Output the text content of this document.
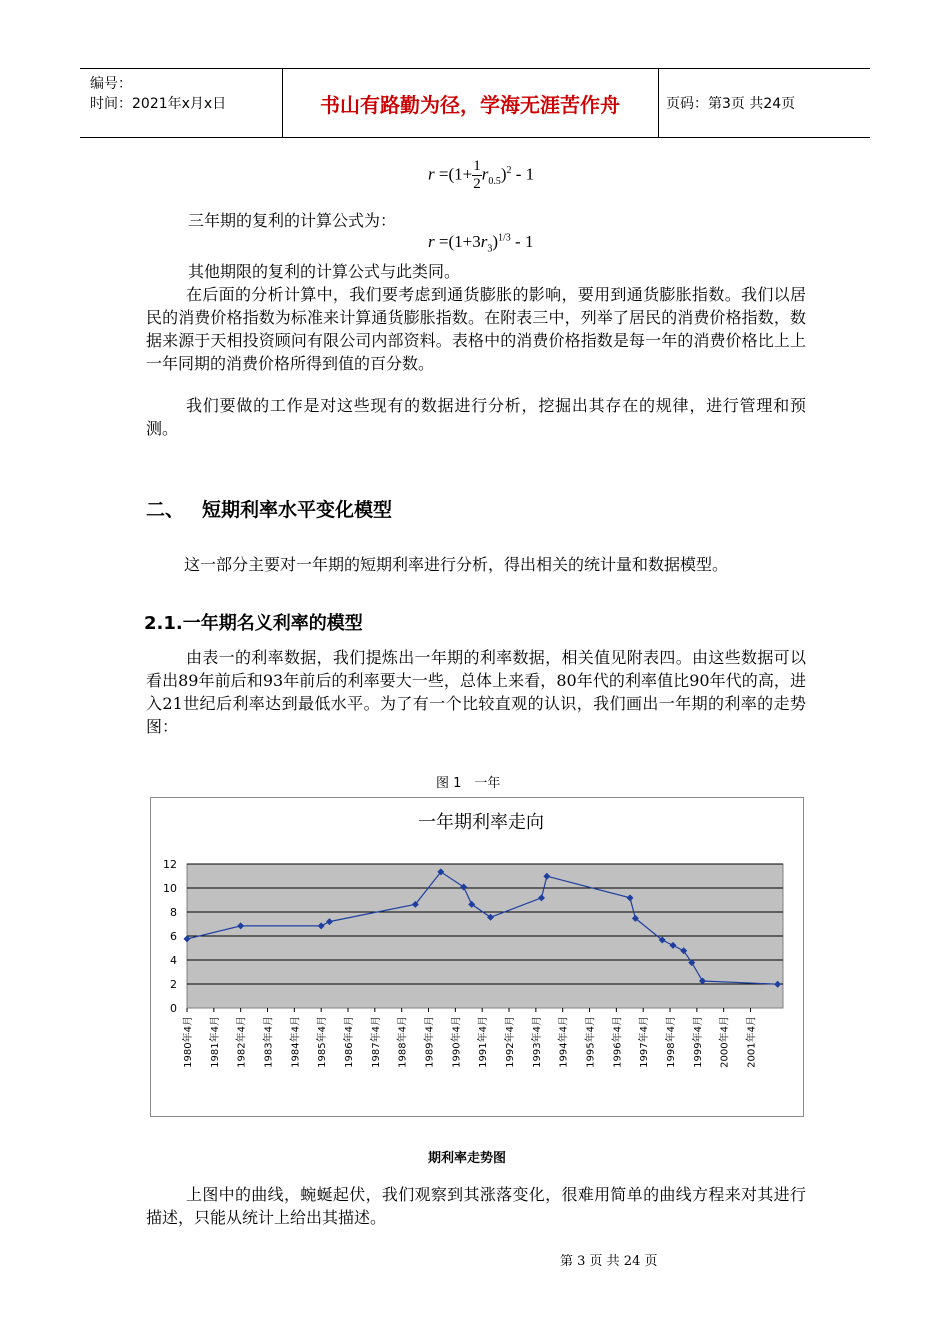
编号：
时间：2021年x月x日	书山有路勤为径，学海无涯苦作舟	页码：第3页 共24页
$r =(1+ \frac{1}{2} r_{0.5})^2 - 1$
三年期的复利的计算公式为：
$r =(1+3r_3)^{1/3} - 1$
其他期限的复利的计算公式与此类同。
在后面的分析计算中，我们要考虑到通货膨胀的影响，要用到通货膨胀指数。我们以居民的消费价格指数为标准来计算通货膨胀指数。在附表三中，列举了居民的消费价格指数，数据来源于天相投资顾问有限公司内部资料。表格中的消费价格指数是每一年的消费价格比上上一年同期的消费价格所得到值的百分数。
我们要做的工作是对这些现有的数据进行分析，挖掘出其存在的规律，进行管理和预测。
二、 短期利率水平变化模型
这一部分主要对一年期的短期利率进行分析，得出相关的统计量和数据模型。
2.1.一年期名义利率的模型
由表一的利率数据，我们提炼出一年期的利率数据，相关值见附表四。由这些数据可以看出89年前后和93年前后的利率要大一些，总体上来看，80年代的利率值比90年代的高，进入21世纪后利率达到最低水平。为了有一个比较直观的认识，我们画出一年期的利率的走势图：
图 1　一年
一年期利率走向
0
2
4
6
8
10
12
1980年4月 1981年4月 1982年4月 1983年4月 1984年4月 1985年4月 1986年4月 1987年4月 1988年4月 1989年4月 1990年4月 1991年4月 1992年4月 1993年4月 1994年4月 1995年4月 1996年4月 1997年4月 1998年4月 1999年4月 2000年4月 2001年4月
期利率走势图
上图中的曲线，蜿蜒起伏，我们观察到其涨落变化，很难用简单的曲线方程来对其进行描述，只能从统计上给出其描述。
第 3 页 共 24 页
